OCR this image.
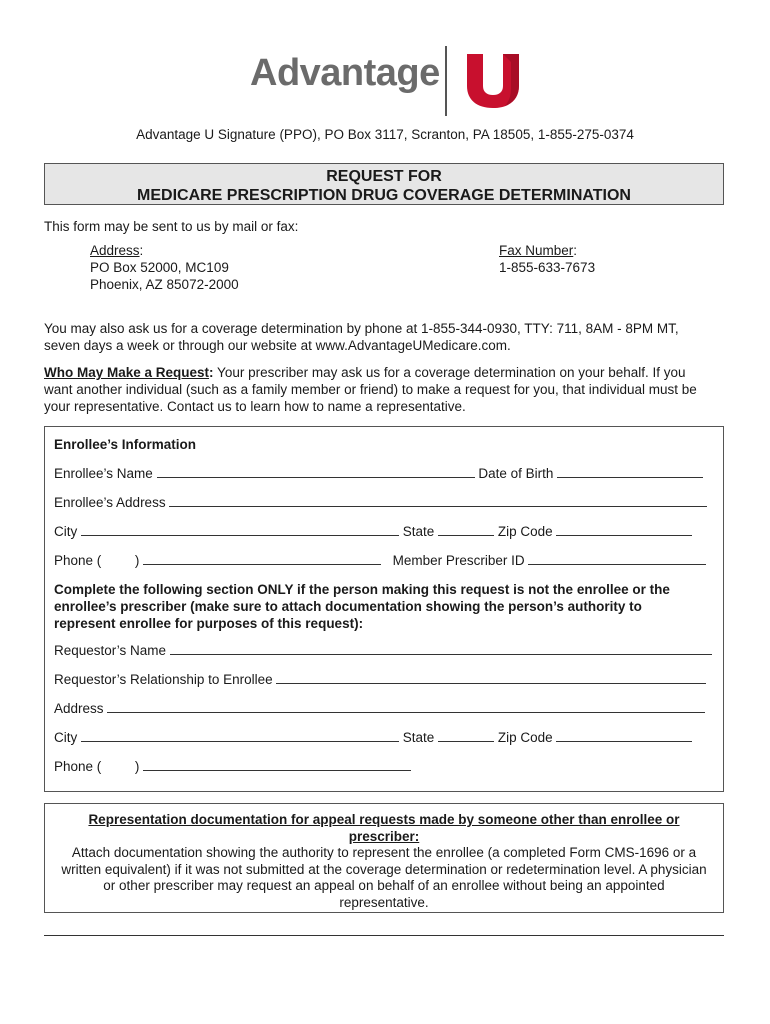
Advantage
Advantage U Signature (PPO), PO Box 3117, Scranton, PA 18505, 1-855-275-0374
REQUEST FOR
MEDICARE PRESCRIPTION DRUG COVERAGE DETERMINATION
This form may be sent to us by mail or fax:
Address:
PO Box 52000, MC109
Phoenix, AZ 85072-2000
Fax Number:
1-855-633-7673
You may also ask us for a coverage determination by phone at 1-855-344-0930, TTY: 711, 8AM - 8PM MT,
seven days a week or through our website at www.AdvantageUMedicare.com.
Who May Make a Request: Your prescriber may ask us for a coverage determination on your behalf. If you
want another individual (such as a family member or friend) to make a request for you, that individual must be
your representative. Contact us to learn how to name a representative.
Enrollee’s Information
Enrollee’s Name	Date of Birth
Enrollee’s Address
City	State	Zip Code
Phone ( )	Member Prescriber ID
Complete the following section ONLY if the person making this request is not the enrollee or the
enrollee’s prescriber (make sure to attach documentation showing the person’s authority to
represent enrollee for purposes of this request):
Requestor’s Name
Requestor’s Relationship to Enrollee
Address
City	State	Zip Code
Phone ( )
Representation documentation for appeal requests made by someone other than enrollee or
prescriber:
Attach documentation showing the authority to represent the enrollee (a completed Form CMS-1696 or a
written equivalent) if it was not submitted at the coverage determination or redetermination level. A physician
or other prescriber may request an appeal on behalf of an enrollee without being an appointed
representative.
